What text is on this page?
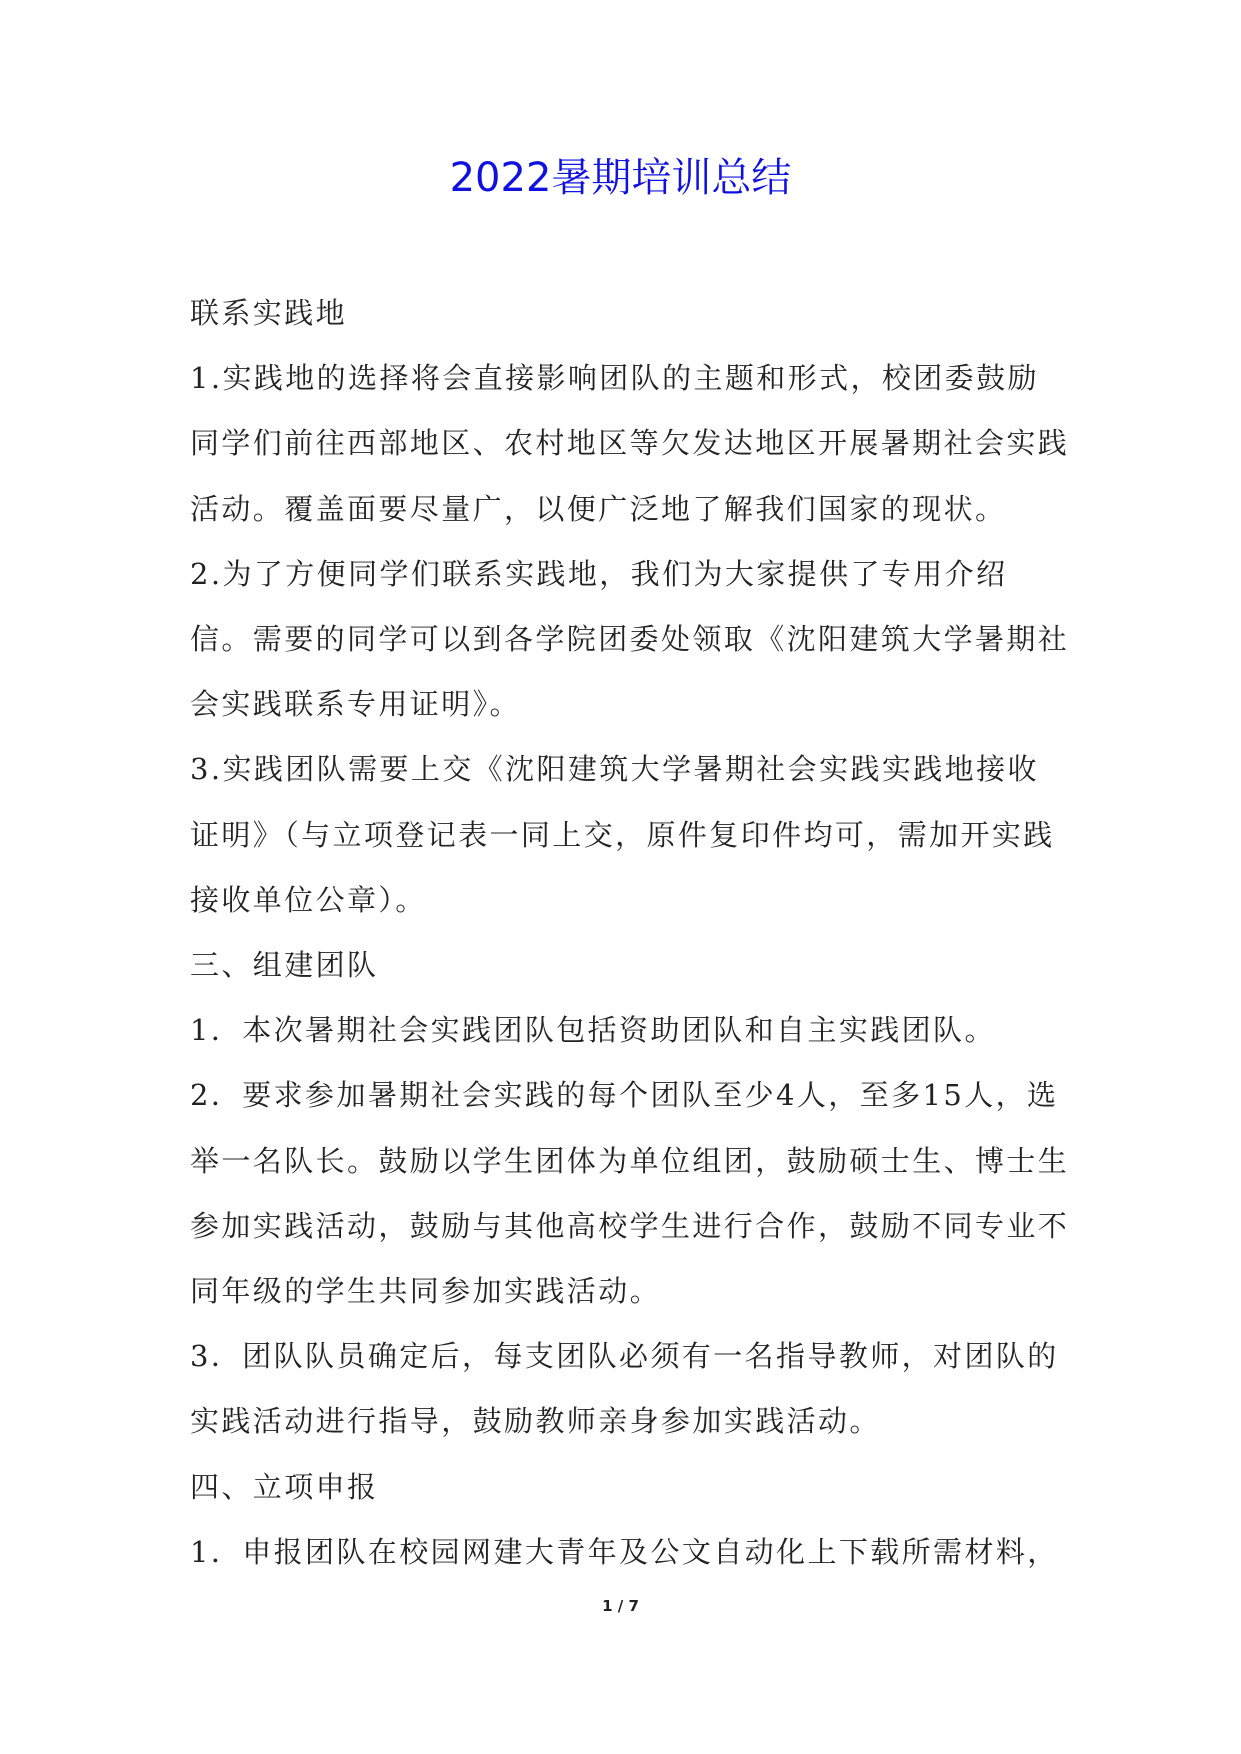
2022暑期培训总结

联系实践地

1.实践地的选择将会直接影响团队的主题和形式，校团委鼓励同学们前往西部地区、农村地区等欠发达地区开展暑期社会实践活动。覆盖面要尽量广，以便广泛地了解我们国家的现状。

2.为了方便同学们联系实践地，我们为大家提供了专用介绍信。需要的同学可以到各学院团委处领取《沈阳建筑大学暑期社会实践联系专用证明》。

3.实践团队需要上交《沈阳建筑大学暑期社会实践实践地接收证明》（与立项登记表一同上交，原件复印件均可，需加开实践接收单位公章）。

三、组建团队

1．本次暑期社会实践团队包括资助团队和自主实践团队。

2．要求参加暑期社会实践的每个团队至少4人，至多15人，选举一名队长。鼓励以学生团体为单位组团，鼓励硕士生、博士生参加实践活动，鼓励与其他高校学生进行合作，鼓励不同专业不同年级的学生共同参加实践活动。

3．团队队员确定后，每支团队必须有一名指导教师，对团队的实践活动进行指导，鼓励教师亲身参加实践活动。

四、立项申报

1．申报团队在校园网建大青年及公文自动化上下载所需材料，

1 / 7
